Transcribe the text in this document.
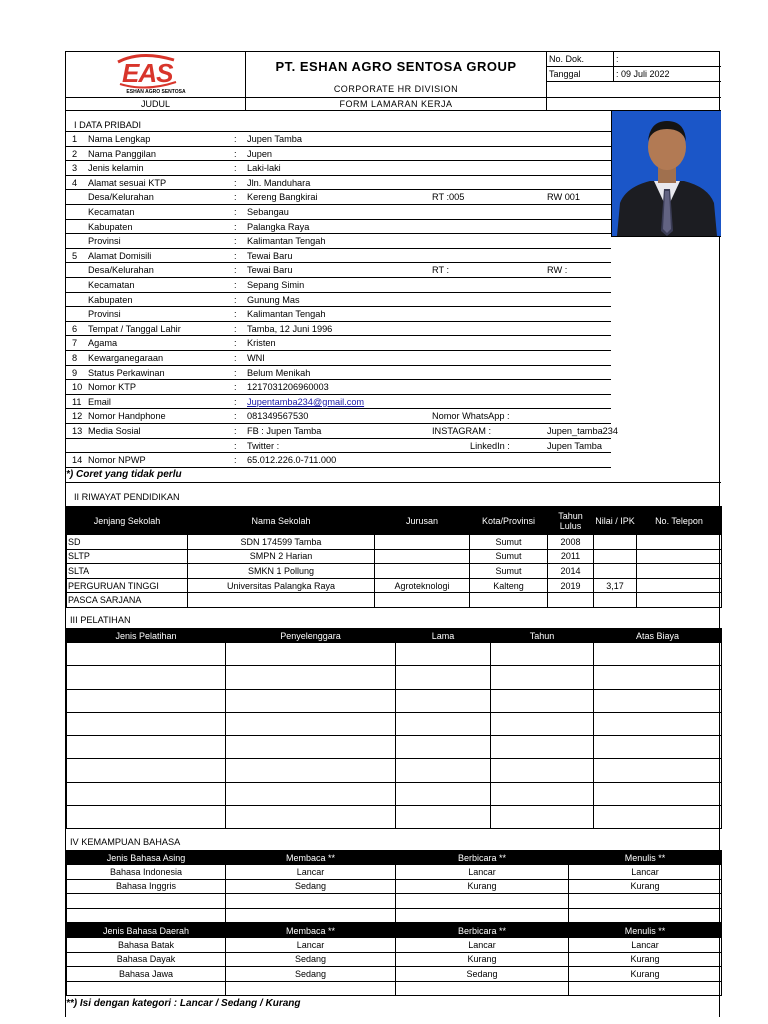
EAS
ESHAN AGRO SENTOSA
PT. ESHAN AGRO SENTOSA GROUP
CORPORATE HR DIVISION
No. Dok.	:
Tanggal	: 09 Juli 2022
JUDUL	FORM LAMARAN KERJA
I DATA PRIBADI
1 Nama Lengkap	: Jupen Tamba
2 Nama Panggilan	: Jupen
3 Jenis kelamin	: Laki-laki
4 Alamat sesuai KTP	: Jln. Manduhara
Desa/Kelurahan	: Kereng Bangkirai	RT :005	RW 001
Kecamatan	: Sebangau
Kabupaten	: Palangka Raya
Provinsi	: Kalimantan Tengah
5 Alamat Domisili	: Tewai Baru
Desa/Kelurahan	: Tewai Baru	RT :	RW :
Kecamatan	: Sepang Simin
Kabupaten	: Gunung Mas
Provinsi	: Kalimantan Tengah
6 Tempat / Tanggal Lahir	: Tamba, 12 Juni 1996
7 Agama	: Kristen
8 Kewarganegaraan	: WNI
9 Status Perkawinan	: Belum Menikah
10 Nomor KTP	: 1217031206960003
11 Email	: Jupentamba234@gmail.com
12 Nomor Handphone	: 081349567530	Nomor WhatsApp :
13 Media Sosial	: FB : Jupen Tamba	INSTAGRAM :	Jupen_tamba234
: Twitter :	LinkedIn :	Jupen Tamba
14 Nomor NPWP	: 65.012.226.0-711.000
*) Coret yang tidak perlu
II RIWAYAT PENDIDIKAN
Jenjang Sekolah	Nama Sekolah	Jurusan	Kota/Provinsi	Tahun Lulus	Nilai / IPK	No. Telepon
SD	SDN 174599 Tamba		Sumut	2008		
SLTP	SMPN 2 Harian		Sumut	2011		
SLTA	SMKN 1 Pollung		Sumut	2014		
PERGURUAN TINGGI	Universitas Palangka Raya	Agroteknologi	Kalteng	2019	3,17	
PASCA SARJANA						
III PELATIHAN
Jenis Pelatihan	Penyelenggara	Lama	Tahun	Atas Biaya

IV KEMAMPUAN BAHASA
Jenis Bahasa Asing	Membaca **	Berbicara **	Menulis **
Bahasa Indonesia	Lancar	Lancar	Lancar
Bahasa Inggris	Sedang	Kurang	Kurang

Jenis Bahasa Daerah	Membaca **	Berbicara **	Menulis **
Bahasa Batak	Lancar	Lancar	Lancar
Bahasa Dayak	Sedang	Kurang	Kurang
Bahasa Jawa	Sedang	Sedang	Kurang

**) Isi dengan kategori : Lancar / Sedang / Kurang
